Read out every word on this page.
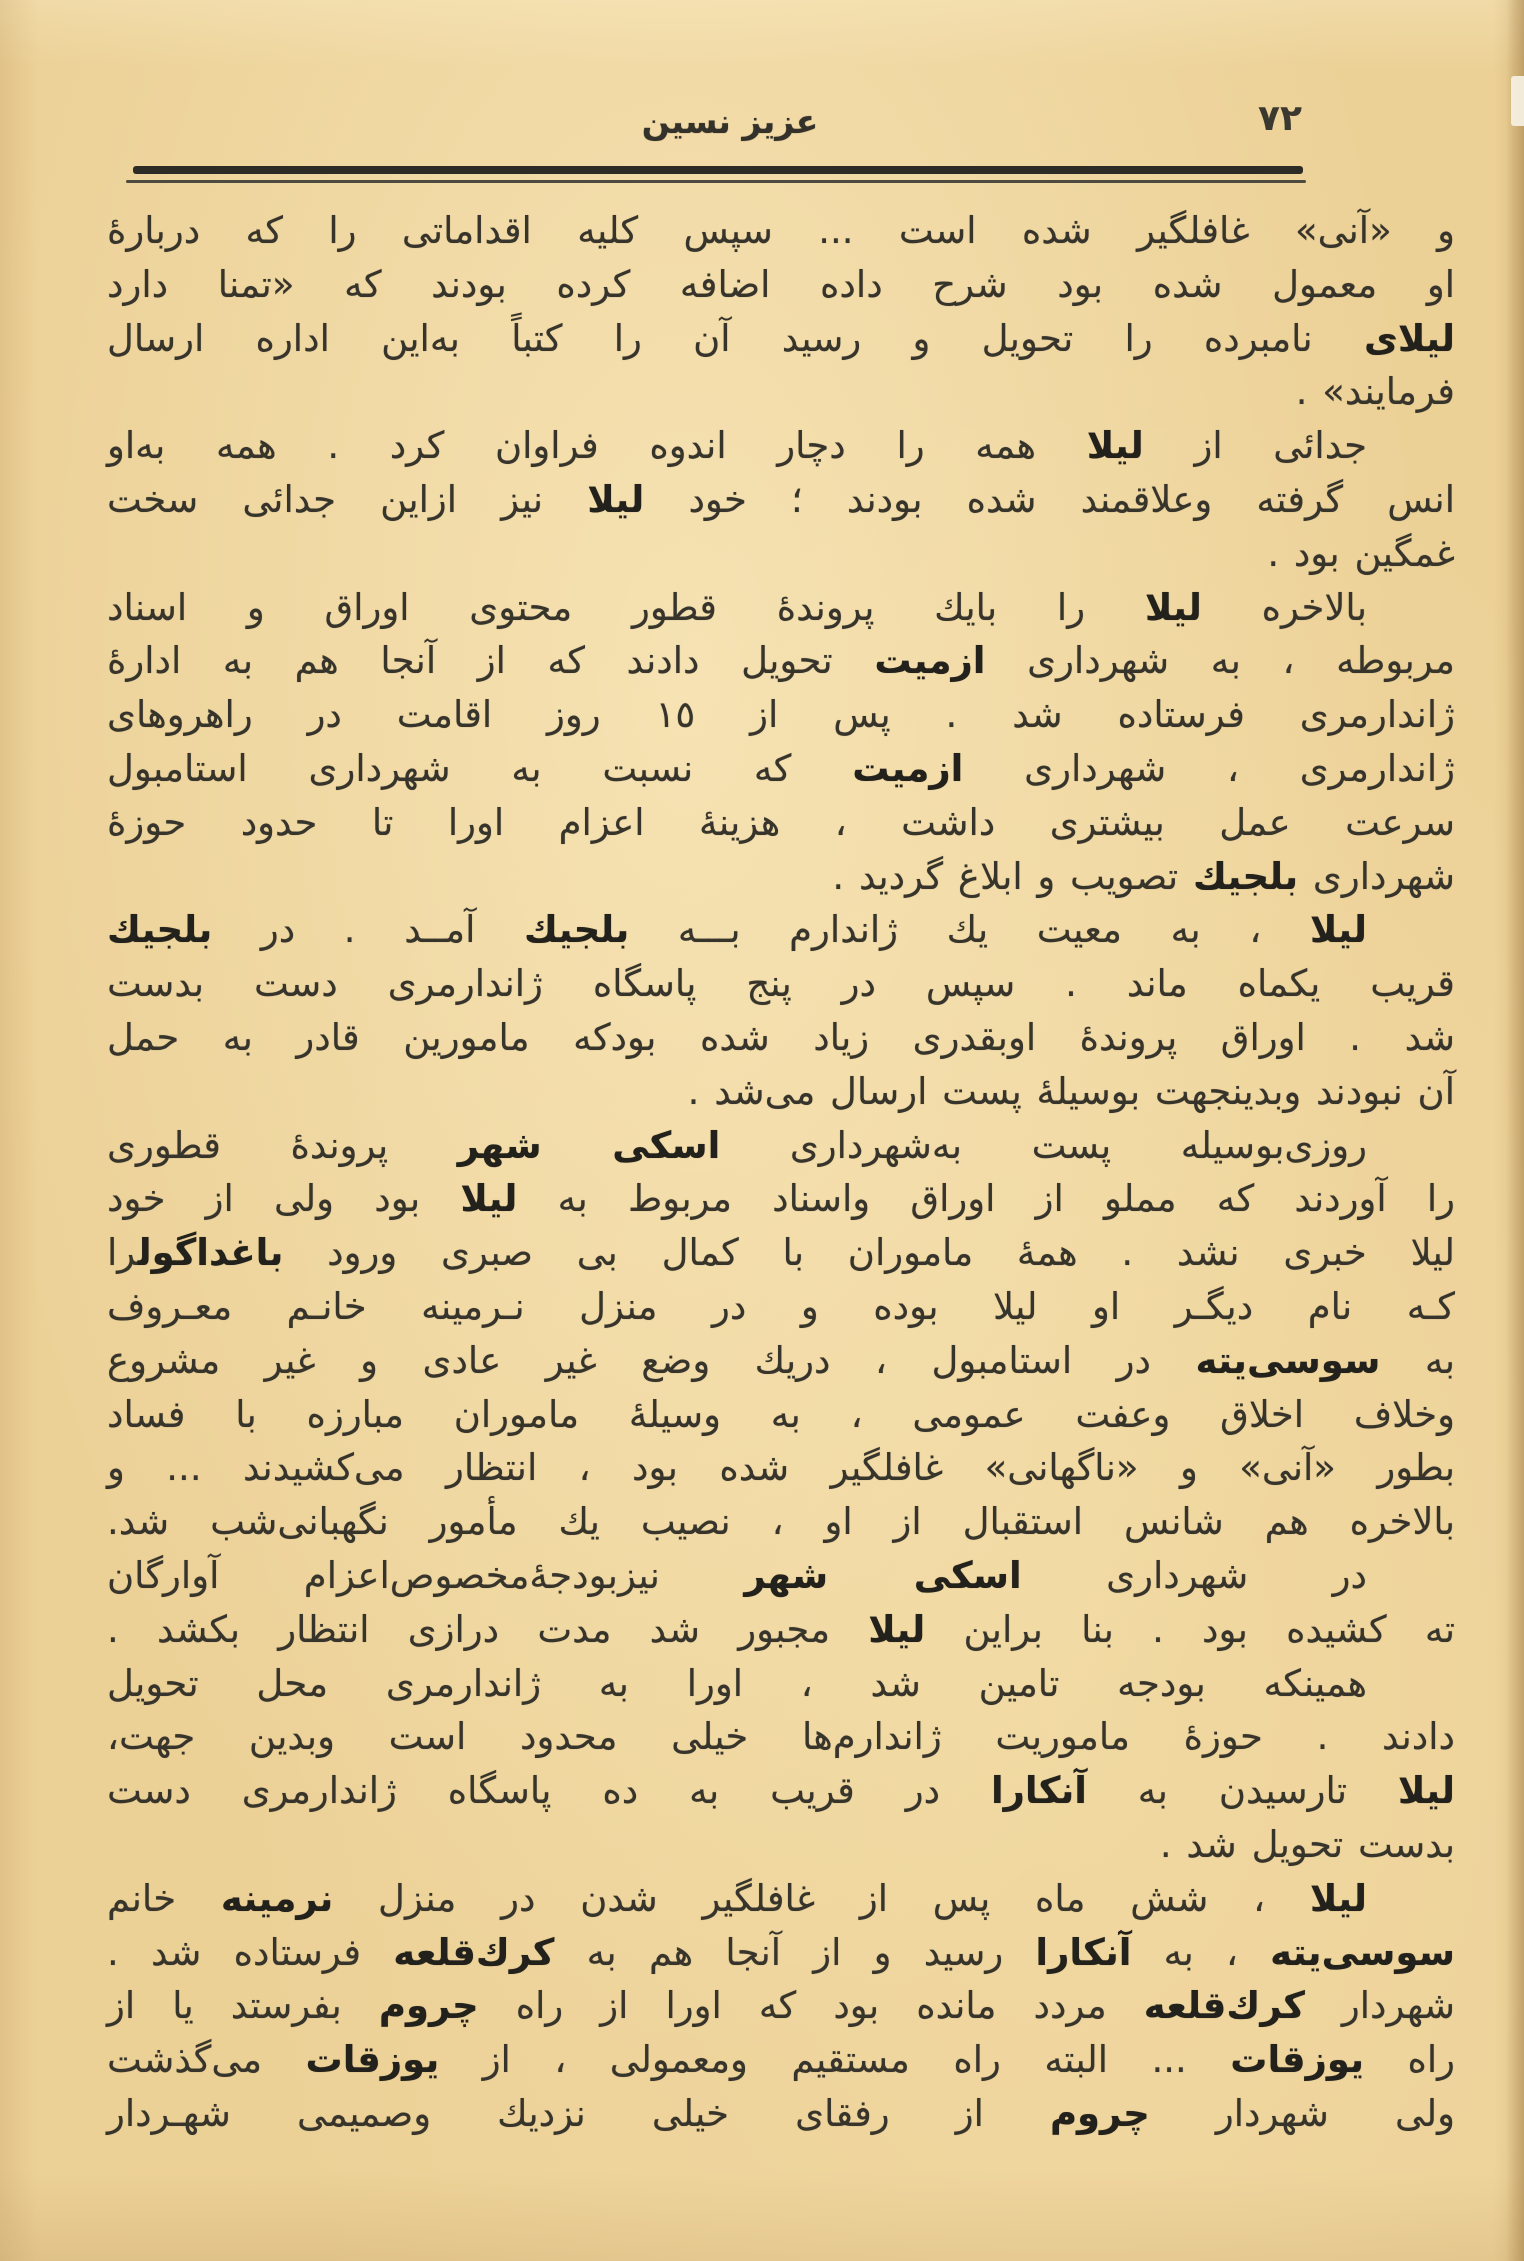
٧٢
عزیز نسین
و «آنی» غافلگیر شده است ... سپس کلیه اقداماتی را که دربارهٔ
او معمول شده بود شرح داده اضافه کرده بودند که «تمنا دارد
لیلای نامبرده را تحویل و رسید آن را کتباً به‌این اداره ارسال
فرمایند» .
جدائی از لیلا همه را دچار اندوه فراوان کرد . همه به‌او
انس گرفته وعلاقمند شده بودند ؛ خود لیلا نیز ازاین جدائی سخت
غمگین بود .
بالاخره لیلا را بایك پروندهٔ قطور محتوی اوراق و اسناد
مربوطه ، به شهرداری ازمیت تحویل دادند که از آنجا هم به ادارهٔ
ژاندارمری فرستاده شد . پس از ١٥ روز اقامت در راهروهای
ژاندارمری ، شهرداری ازمیت که نسبت به شهرداری استامبول
سرعت عمل بیشتری داشت ، هزینهٔ اعزام اورا تا حدود حوزهٔ
شهرداری بلجیك تصویب و ابلاغ گردید .
لیلا ، به معیت یك ژاندارم بـــه بلجیك آمــد . در بلجیك
قریب یکماه ماند . سپس در پنج پاسگاه ژاندارمری دست بدست
شد . اوراق پروندهٔ اوبقدری زیاد شده بودکه مامورین قادر به حمل
آن نبودند وبدینجهت بوسیلهٔ پست ارسال می‌شد .
روزی‌بوسیله پست به‌شهرداری اسکی شهر پروندهٔ قطوری
را آوردند که مملو از اوراق واسناد مربوط به لیلا بود ولی از خود
لیلا خبری نشد . همهٔ ماموران با کمال بی صبری ورود باغداگولرا
کـه نام دیگـر او لیلا بوده و در منزل نـرمینه خانـم معـروف
به سوسی‌یته در استامبول ، دریك وضع غیر عادی و غیر مشروع
وخلاف اخلاق وعفت عمومی ، به وسیلهٔ ماموران مبارزه با فساد
بطور «آنی» و «ناگهانی» غافلگیر شده بود ، انتظار می‌کشیدند ... و
بالاخره هم شانس استقبال از او ، نصیب یك مأمور نگهبانی‌شب شد.
در شهرداری اسکی شهر نیزبودجهٔ‌مخصوص‌اعزام آوارگان
ته کشیده بود . بنا براین لیلا مجبور شد مدت درازی انتظار بکشد .
همینکه بودجه تامین شد ، اورا به ژاندارمری محل تحویل
دادند . حوزهٔ ماموریت ژاندارم‌ها خیلی محدود است وبدین جهت،
لیلا تارسیدن به آنکارا در قریب به ده پاسگاه ژاندارمری دست
بدست تحویل شد .
لیلا ، شش ماه پس از غافلگیر شدن در منزل نرمینه خانم
سوسی‌یته ، به آنکارا رسید و از آنجا هم به کرك‌قلعه فرستاده شد .
شهردار کرك‌قلعه مردد مانده بود که اورا از راه چروم بفرستد یا از
راه یوزقات ... البته راه مستقیم ومعمولی ، از یوزقات می‌گذشت
ولی شهردار چروم از رفقای خیلی نزدیك وصمیمی شهـردار
